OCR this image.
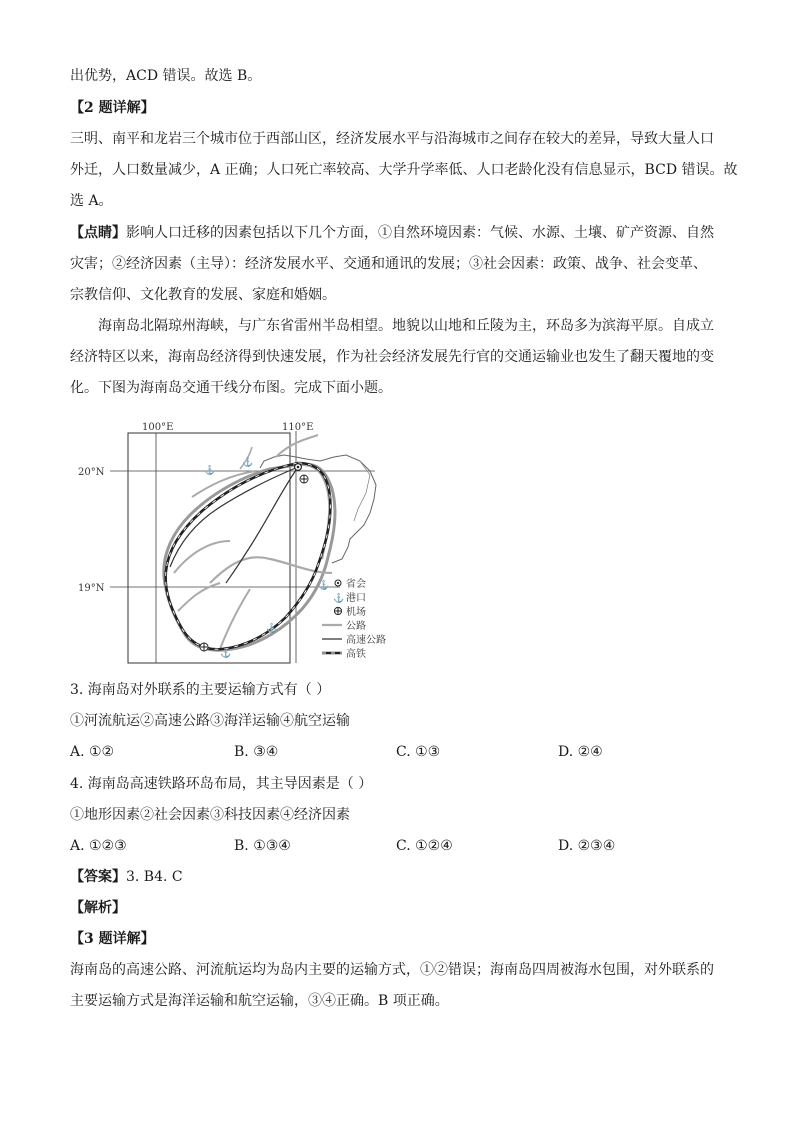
出优势，ACD 错误。故选 B。
【2 题详解】
三明、南平和龙岩三个城市位于西部山区，经济发展水平与沿海城市之间存在较大的差异，导致大量人口
外迁，人口数量减少，A 正确；人口死亡率较高、大学升学率低、人口老龄化没有信息显示，BCD 错误。故
选 A。
【点睛】影响人口迁移的因素包括以下几个方面，①自然环境因素：气候、水源、土壤、矿产资源、自然
灾害；②经济因素（主导）：经济发展水平、交通和通讯的发展；③社会因素：政策、战争、社会变革、
宗教信仰、文化教育的发展、家庭和婚姻。
海南岛北隔琼州海峡，与广东省雷州半岛相望。地貌以山地和丘陵为主，环岛多为滨海平原。自成立
经济特区以来，海南岛经济得到快速发展，作为社会经济发展先行官的交通运输业也发生了翻天覆地的变
化。下图为海南岛交通干线分布图。完成下面小题。
100°E	110°E
20°N
19°N
⚓
⚓
⚓
⚓
⚓
省会
⚓ 港口
机场
公路
高速公路
高铁
3. 海南岛对外联系的主要运输方式有（ ）
①河流航运②高速公路③海洋运输④航空运输
A. ①②	B. ③④	C. ①③	D. ②④
4. 海南岛高速铁路环岛布局，其主导因素是（ ）
①地形因素②社会因素③科技因素④经济因素
A. ①②③	B. ①③④	C. ①②④	D. ②③④
【答案】3. B4. C
【解析】
【3 题详解】
海南岛的高速公路、河流航运均为岛内主要的运输方式，①②错误；海南岛四周被海水包围，对外联系的
主要运输方式是海洋运输和航空运输，③④正确。B 项正确。
